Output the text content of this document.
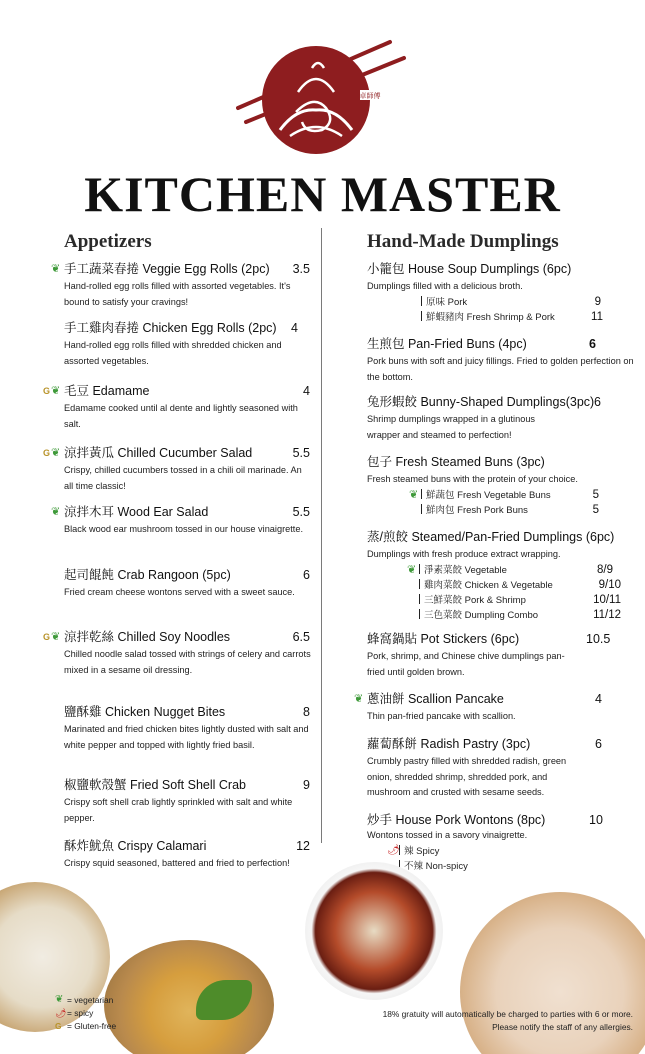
卓師傅
KITCHEN MASTER
Appetizers	Hand-Made Dumplings
❦ 手工蔬菜春捲 Veggie Egg Rolls (2pc)	3.5
Hand-rolled egg rolls filled with assorted vegetables. It's bound to satisfy your cravings!
手工雞肉春捲 Chicken Egg Rolls (2pc)	4
Hand-rolled egg rolls filled with shredded chicken and assorted vegetables.
G ❦ 毛豆 Edamame	4
Edamame cooked until al dente and lightly seasoned with salt.
G ❦ 涼拌黃瓜 Chilled Cucumber Salad	5.5
Crispy, chilled cucumbers tossed in a chili oil marinade. An all time classic!
❦ 涼拌木耳 Wood Ear Salad	5.5
Black wood ear mushroom tossed in our house vinaigrette.
起司餛飩 Crab Rangoon (5pc)	6
Fried cream cheese wontons served with a sweet sauce.
G ❦ 涼拌乾絲 Chilled Soy Noodles	6.5
Chilled noodle salad tossed with strings of celery and carrots mixed in a sesame oil dressing.
鹽酥雞 Chicken Nugget Bites	8
Marinated and fried chicken bites lightly dusted with salt and white pepper and topped with lightly fried basil.
椒鹽軟殼蟹 Fried Soft Shell Crab	9
Crispy soft shell crab lightly sprinkled with salt and white pepper.
酥炸魷魚 Crispy Calamari	12
Crispy squid seasoned, battered and fried to perfection!
小籠包 House Soup Dumplings (6pc)
Dumplings filled with a delicious broth.
原味 Pork	9
鮮蝦豬肉 Fresh Shrimp & Pork	11
生煎包 Pan-Fried Buns (4pc)	6
Pork buns with soft and juicy fillings. Fried to golden perfection on the bottom.
兔形蝦餃 Bunny-Shaped Dumplings(3pc) 6
Shrimp dumplings wrapped in a glutinous wrapper and steamed to perfection!
包子 Fresh Steamed Buns (3pc)
Fresh steamed buns with the protein of your choice.
❦ 鮮蔬包 Fresh Vegetable Buns	5
鮮肉包 Fresh Pork Buns	5
蒸/煎餃 Steamed/Pan-Fried Dumplings (6pc)
Dumplings with fresh produce extract wrapping.
❦ 淨素菜餃 Vegetable	8/9
雞肉菜餃 Chicken & Vegetable	9/10
三鮮菜餃 Pork & Shrimp	10/11
三色菜餃 Dumpling Combo	11/12
蜂窩鍋貼 Pot Stickers (6pc)	10.5
Pork, shrimp, and Chinese chive dumplings pan-fried until golden brown.
❦ 蔥油餅 Scallion Pancake	4
Thin pan-fried pancake with scallion.
蘿蔔酥餅 Radish Pastry (3pc)	6
Crumbly pastry filled with shredded radish, green onion, shredded shrimp, shredded pork, and mushroom and crusted with sesame seeds.
炒手 House Pork Wontons (8pc)	10
Wontons tossed in a savory vinaigrette.
🌶 辣 Spicy
不辣 Non-spicy
❦ = vegetarian
🌶 = spicy
G = Gluten-free
18% gratuity will automatically be charged to parties with 6 or more.
Please notify the staff of any allergies.
